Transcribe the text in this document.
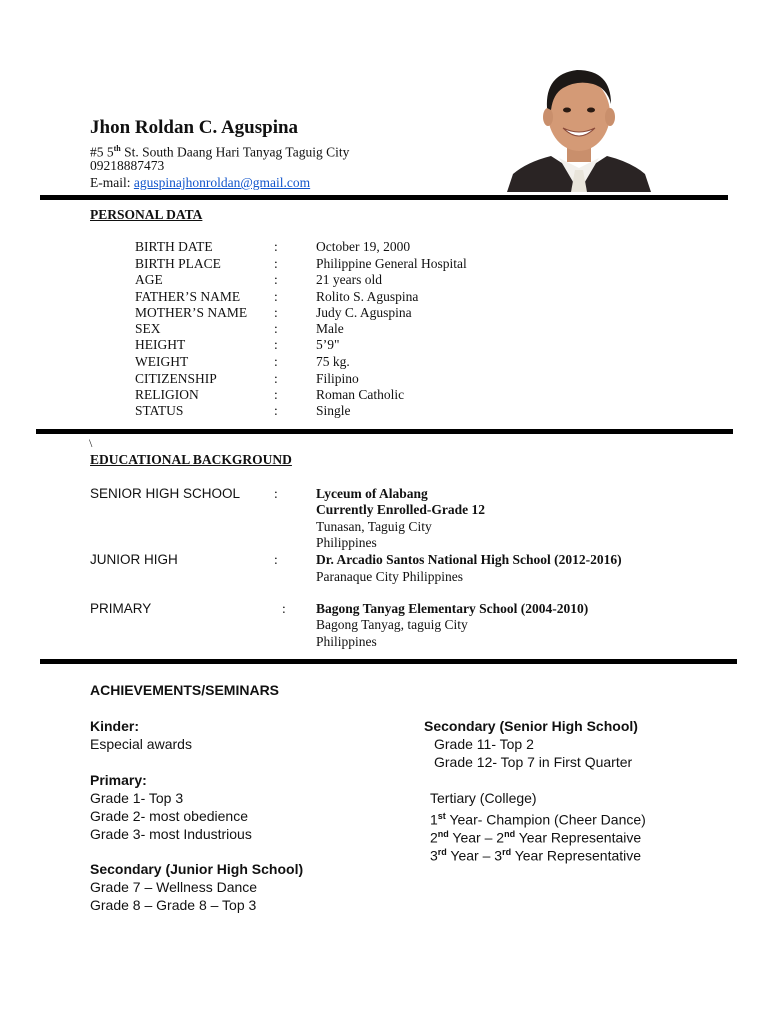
Jhon Roldan C. Aguspina
#5 5th St. South Daang Hari Tanyag Taguig City
09218887473
E-mail: aguspinajhonroldan@gmail.com
PERSONAL DATA
BIRTH DATE	:	October 19, 2000
BIRTH PLACE	:	Philippine General Hospital
AGE	:	21 years old
FATHER’S NAME	:	Rolito S. Aguspina
MOTHER’S NAME :	Judy C. Aguspina
SEX	:	Male
HEIGHT	:	5’9"
WEIGHT	:	75 kg.
CITIZENSHIP	:	Filipino
RELIGION	:	Roman Catholic
STATUS	:	Single
\
EDUCATIONAL BACKGROUND
SENIOR HIGH SCHOOL	:	Lyceum of Alabang
Currently Enrolled-Grade 12
Tunasan, Taguig City
Philippines
JUNIOR HIGH	:	Dr. Arcadio Santos National High School (2012-2016)
Paranaque City Philippines
PRIMARY	: Bagong Tanyag Elementary School (2004-2010)
Bagong Tanyag, taguig City
Philippines
ACHIEVEMENTS/SEMINARS
Kinder:
Especial awards
Primary:
Grade 1- Top 3
Grade 2- most obedience
Grade 3- most Industrious
Secondary (Junior High School)
Grade 7 – Wellness Dance
Grade 8 – Grade 8 – Top 3
Secondary (Senior High School)
Grade 11- Top 2
Grade 12- Top 7 in First Quarter
Tertiary (College)
1st Year- Champion (Cheer Dance)
2nd Year – 2nd Year Representaive
3rd Year – 3rd Year Representative
